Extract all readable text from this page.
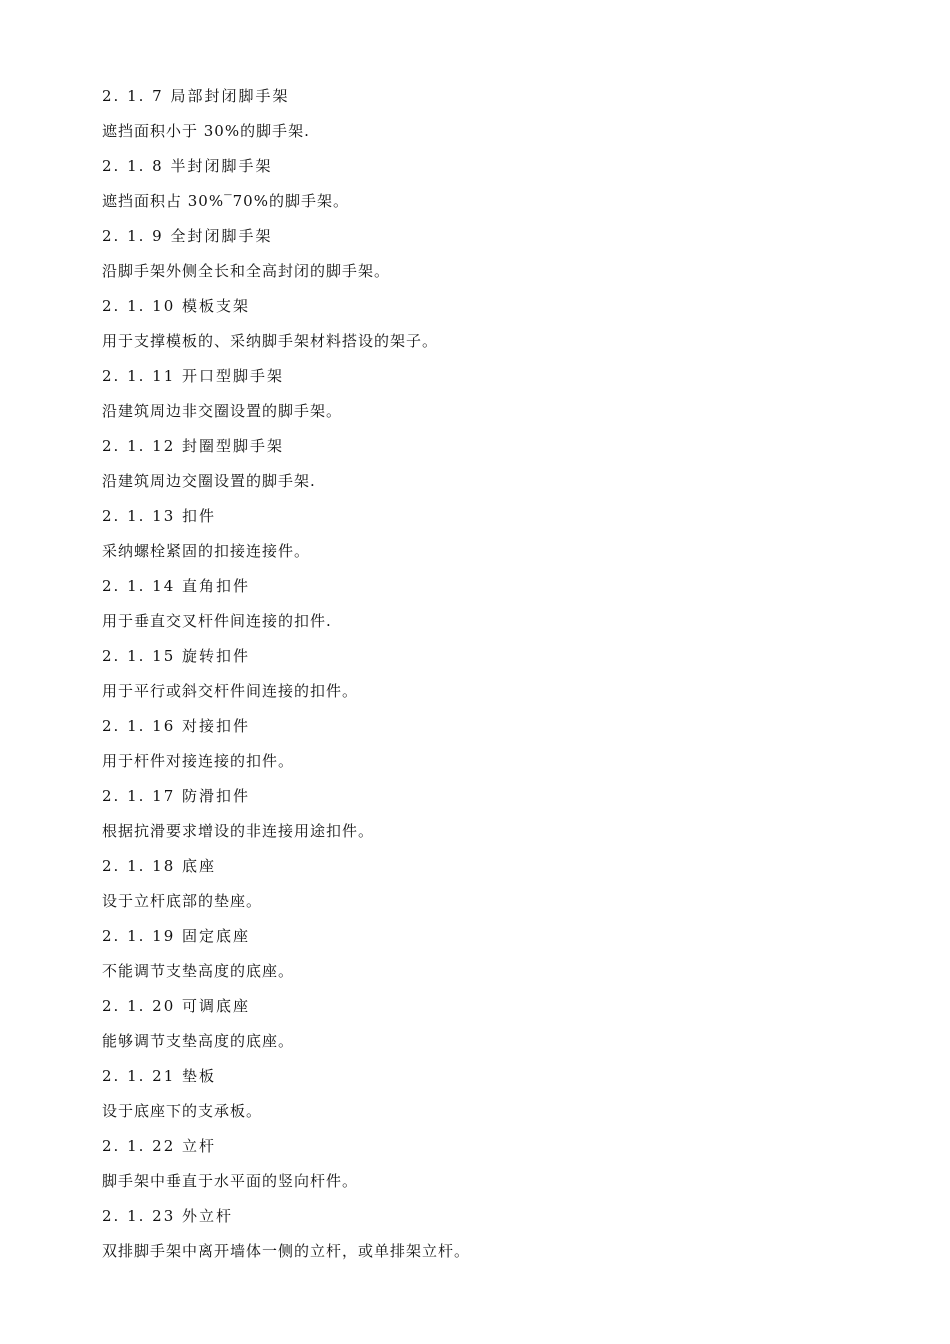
2. 1. 7 局部封闭脚手架
遮挡面积小于 30%的脚手架.
2. 1. 8 半封闭脚手架
遮挡面积占 30%‾70%的脚手架。
2. 1. 9 全封闭脚手架
沿脚手架外侧全长和全高封闭的脚手架。
2. 1. 10 模板支架
用于支撑模板的、采纳脚手架材料搭设的架子。
2. 1. 11 开口型脚手架
沿建筑周边非交圈设置的脚手架。
2. 1. 12 封圈型脚手架
沿建筑周边交圈设置的脚手架.
2. 1. 13 扣件
采纳螺栓紧固的扣接连接件。
2. 1. 14 直角扣件
用于垂直交叉杆件间连接的扣件.
2. 1. 15 旋转扣件
用于平行或斜交杆件间连接的扣件。
2. 1. 16 对接扣件
用于杆件对接连接的扣件。
2. 1. 17 防滑扣件
根据抗滑要求增设的非连接用途扣件。
2. 1. 18 底座
设于立杆底部的垫座。
2. 1. 19 固定底座
不能调节支垫高度的底座。
2. 1. 20 可调底座
能够调节支垫高度的底座。
2. 1. 21 垫板
设于底座下的支承板。
2. 1. 22 立杆
脚手架中垂直于水平面的竖向杆件。
2. 1. 23 外立杆
双排脚手架中离开墙体一侧的立杆，或单排架立杆。
